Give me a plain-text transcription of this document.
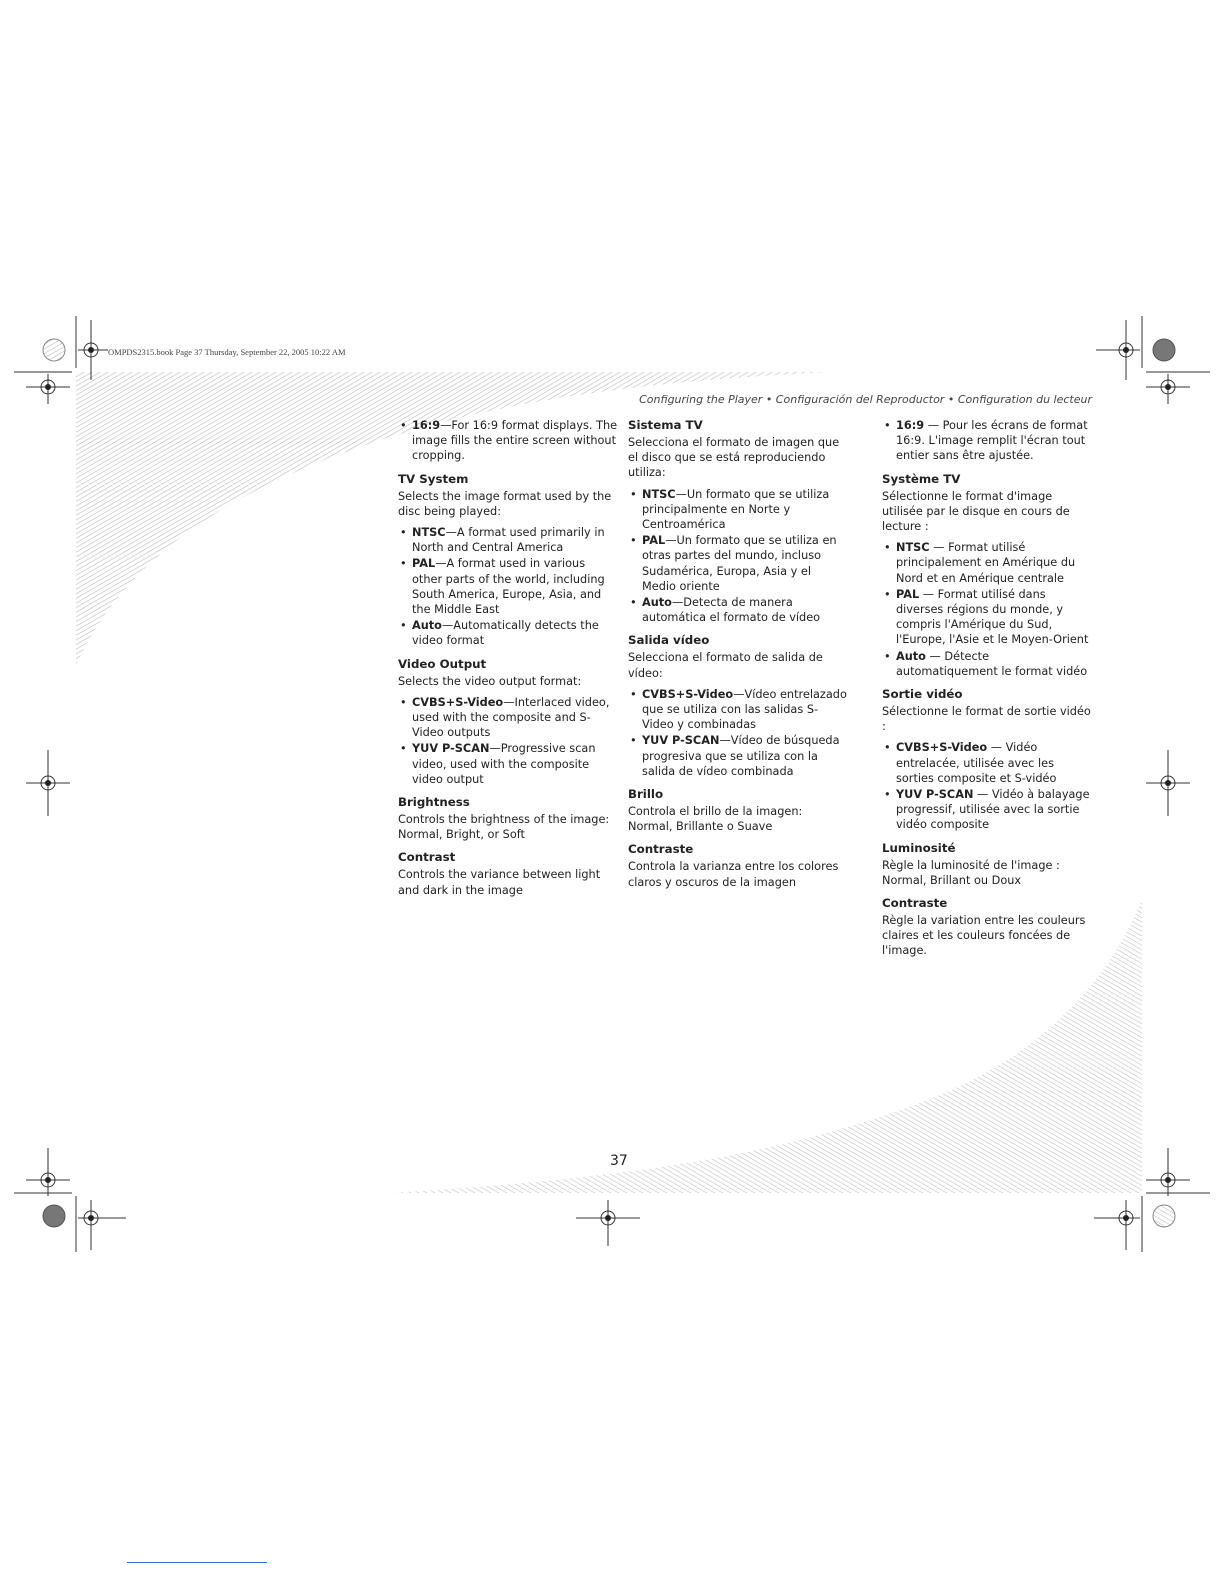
OMPDS2315.book Page 37 Thursday, September 22, 2005 10:22 AM
Configuring the Player • Configuración del Reproductor • Configuration du lecteur
• 16:9—For 16:9 format displays. The image fills the entire screen without cropping.
TV System

Selects the image format used by the disc being played:

• NTSC—A format used primarily in North and Central America
• PAL—A format used in various other parts of the world, including South America, Europe, Asia, and the Middle East
• Auto—Automatically detects the video format
Video Output

Selects the video output format:

• CVBS+S-Video—Interlaced video, used with the composite and S-Video outputs
• YUV P-SCAN—Progressive scan video, used with the composite video output
Brightness

Controls the brightness of the image: Normal, Bright, or Soft

Contrast

Controls the variance between light and dark in the image

Sistema TV

Selecciona el formato de imagen que el disco que se está reproduciendo utiliza:

• NTSC—Un formato que se utiliza principalmente en Norte y Centroamérica
• PAL—Un formato que se utiliza en otras partes del mundo, incluso Sudamérica, Europa, Asia y el Medio oriente
• Auto—Detecta de manera automática el formato de vídeo
Salida vídeo

Selecciona el formato de salida de vídeo:

• CVBS+S-Video—Vídeo entrelazado que se utiliza con las salidas S-Video y combinadas
• YUV P-SCAN—Vídeo de búsqueda progresiva que se utiliza con la salida de vídeo combinada
Brillo

Controla el brillo de la imagen: Normal, Brillante o Suave

Contraste

Controla la varianza entre los colores claros y oscuros de la imagen

• 16:9 — Pour les écrans de format 16:9. L'image remplit l'écran tout entier sans être ajustée.
Système TV

Sélectionne le format d'image utilisée par le disque en cours de lecture :

• NTSC — Format utilisé principalement en Amérique du Nord et en Amérique centrale
• PAL — Format utilisé dans diverses régions du monde, y compris l'Amérique du Sud, l'Europe, l'Asie et le Moyen-Orient
• Auto — Détecte automatiquement le format vidéo
Sortie vidéo

Sélectionne le format de sortie vidéo :

• CVBS+S-Video — Vidéo entrelacée, utilisée avec les sorties composite et S-vidéo
• YUV P-SCAN — Vidéo à balayage progressif, utilisée avec la sortie vidéo composite
Luminosité

Règle la luminosité de l'image : Normal, Brillant ou Doux

Contraste

Règle la variation entre les couleurs claires et les couleurs foncées de l'image.

37
